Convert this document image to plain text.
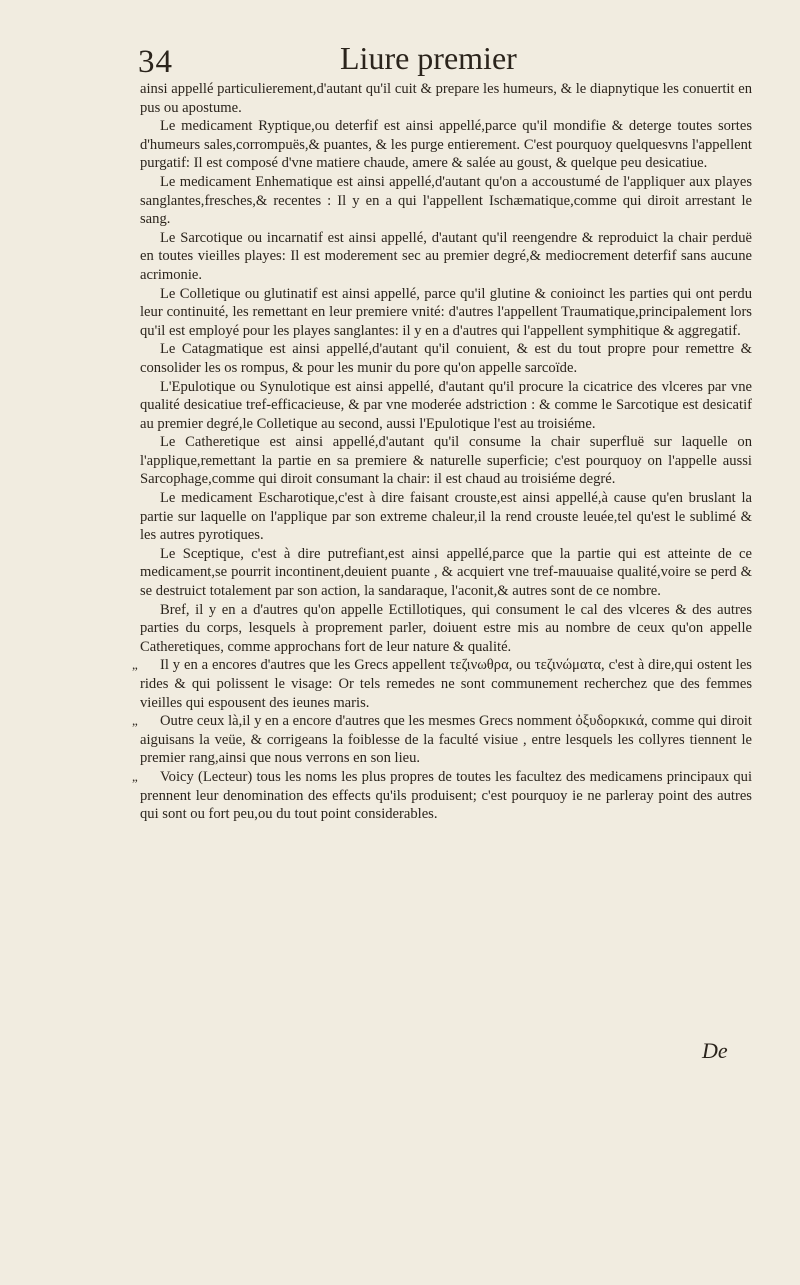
34	Liure premier

ainsi appellé particulierement,d'autant qu'il cuit & prepare les humeurs, & le diapnytique les conuertit en pus ou apostume.

Le medicament Ryptique,ou deterfif est ainsi appellé,parce qu'il mondifie & deterge toutes sortes d'humeurs sales,corrompuës,& puantes, & les purge entierement. C'est pourquoy quelquesvns l'appellent purgatif: Il est composé d'vne matiere chaude, amere & salée au goust, & quelque peu desicatiue.

Le medicament Enhematique est ainsi appellé,d'autant qu'on a accoustumé de l'appliquer aux playes sanglantes,fresches,& recentes : Il y en a qui l'appellent Ischæmatique,comme qui diroit arrestant le sang.

Le Sarcotique ou incarnatif est ainsi appellé, d'autant qu'il reengendre & reproduict la chair perduë en toutes vieilles playes: Il est moderement sec au premier degré,& mediocrement deterfif sans aucune acrimonie.

Le Colletique ou glutinatif est ainsi appellé, parce qu'il glutine & conioinct les parties qui ont perdu leur continuité, les remettant en leur premiere vnité: d'autres l'appellent Traumatique,principalement lors qu'il est employé pour les playes sanglantes: il y en a d'autres qui l'appellent symphitique & aggregatif.

Le Catagmatique est ainsi appellé,d'autant qu'il conuient, & est du tout propre pour remettre & consolider les os rompus, & pour les munir du pore qu'on appelle sarcoïde.

L'Epulotique ou Synulotique est ainsi appellé, d'autant qu'il procure la cicatrice des vlceres par vne qualité desicatiue tref-efficacieuse, & par vne moderée adstriction : & comme le Sarcotique est desicatif au premier degré,le Colletique au second, aussi l'Epulotique l'est au troisiéme.

Le Catheretique est ainsi appellé,d'autant qu'il consume la chair superfluë sur laquelle on l'applique,remettant la partie en sa premiere & naturelle superficie; c'est pourquoy on l'appelle aussi Sarcophage,comme qui diroit consumant la chair: il est chaud au troisiéme degré.

Le medicament Escharotique,c'est à dire faisant crouste,est ainsi appellé,à cause qu'en bruslant la partie sur laquelle on l'applique par son extreme chaleur,il la rend crouste leuée,tel qu'est le sublimé & les autres pyrotiques.

Le Sceptique, c'est à dire putrefiant,est ainsi appellé,parce que la partie qui est atteinte de ce medicament,se pourrit incontinent,deuient puante , & acquiert vne tref-mauuaise qualité,voire se perd & se destruict totalement par son action, la sandaraque, l'aconit,& autres sont de ce nombre.

Bref, il y en a d'autres qu'on appelle Ectillotiques, qui consument le cal des vlceres & des autres parties du corps, lesquels à proprement parler, doiuent estre mis au nombre de ceux qu'on appelle Catheretiques, comme approchans fort de leur nature & qualité.

„ Il y en a encores d'autres que les Grecs appellent τεζινωθρα, ou τεζινώματα, c'est à dire,qui ostent les rides & qui polissent le visage: Or tels remedes ne sont communement recherchez que des femmes vieilles qui espousent des ieunes maris.
„ Outre ceux là,il y en a encore d'autres que les mesmes Grecs nomment ὀξυδορκικά, comme qui diroit aiguisans la veüe, & corrigeans la foiblesse de la faculté visiue , entre lesquels les collyres tiennent le premier rang,ainsi que nous verrons en son lieu.
„ Voicy (Lecteur) tous les noms les plus propres de toutes les facultez des medicamens principaux qui prennent leur denomination des effects qu'ils produisent; c'est pourquoy ie ne parleray point des autres qui sont ou fort peu,ou du tout point considerables.
De
